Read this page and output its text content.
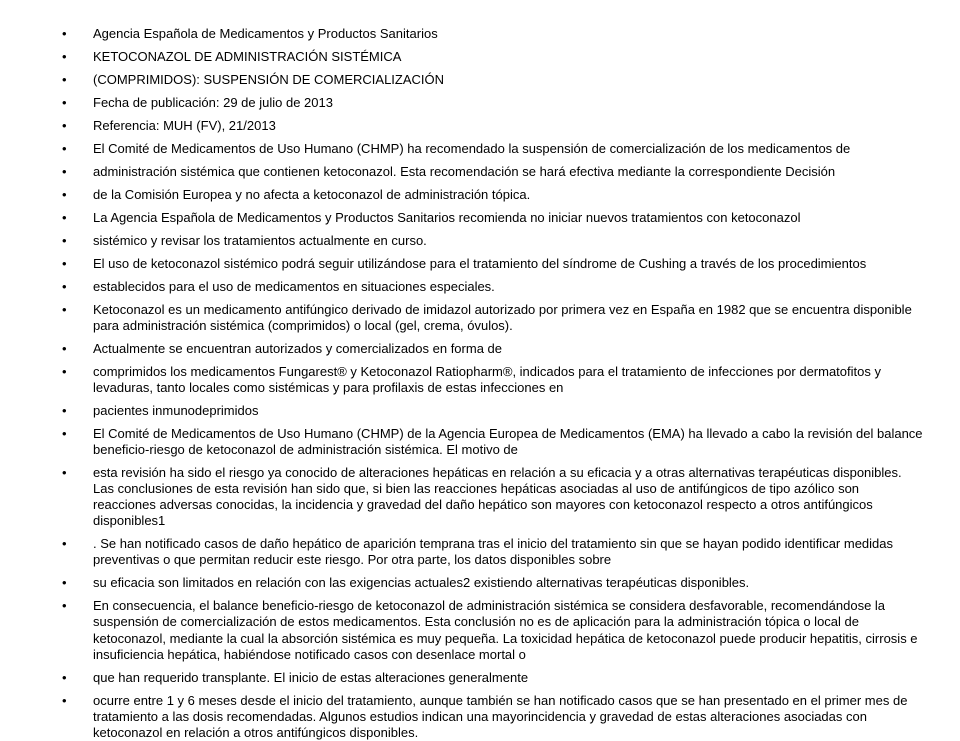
•	Agencia Española de Medicamentos y Productos Sanitarios
•	KETOCONAZOL DE ADMINISTRACIÓN SISTÉMICA
•	(COMPRIMIDOS): SUSPENSIÓN DE COMERCIALIZACIÓN
•	Fecha de publicación: 29 de julio de 2013
•	Referencia: MUH (FV), 21/2013
•	El Comité de Medicamentos de Uso Humano (CHMP) ha recomendado la suspensión de comercialización de los medicamentos de
•	administración sistémica que contienen ketoconazol. Esta recomendación se hará efectiva mediante la correspondiente Decisión
•	de la Comisión Europea y no afecta a ketoconazol de administración tópica.
•	La Agencia Española de Medicamentos y Productos Sanitarios recomienda no iniciar nuevos tratamientos con ketoconazol
•	sistémico y revisar los tratamientos actualmente en curso.
•	El uso de ketoconazol sistémico podrá seguir utilizándose para el tratamiento del síndrome de Cushing a través de los procedimientos
•	establecidos para el uso de medicamentos en situaciones especiales.
•	Ketoconazol es un medicamento antifúngico derivado de imidazol autorizado por primera vez en España en 1982 que se encuentra disponible para administración sistémica (comprimidos) o local (gel, crema, óvulos).
•	Actualmente se encuentran autorizados y comercializados en forma de
•	comprimidos los medicamentos Fungarest® y Ketoconazol Ratiopharm®, indicados para el tratamiento de infecciones por dermatofitos y levaduras, tanto locales como sistémicas y para profilaxis de estas infecciones en
•	pacientes inmunodeprimidos
•	El Comité de Medicamentos de Uso Humano (CHMP) de la Agencia Europea de Medicamentos (EMA) ha llevado a cabo la revisión del balance beneficio-riesgo de ketoconazol de administración sistémica. El motivo de
•	esta revisión ha sido el riesgo ya conocido de alteraciones hepáticas en relación a su eficacia y a otras alternativas terapéuticas disponibles. Las conclusiones de esta revisión han sido que, si bien las reacciones hepáticas asociadas al uso de antifúngicos de tipo azólico son reacciones adversas conocidas, la incidencia y gravedad del daño hepático son mayores con ketoconazol respecto a otros antifúngicos disponibles1
•	. Se han notificado casos de daño hepático de aparición temprana tras el inicio del tratamiento sin que se hayan podido identificar medidas preventivas o que permitan reducir este riesgo. Por otra parte, los datos disponibles sobre
•	su eficacia son limitados en relación con las exigencias actuales2 existiendo alternativas terapéuticas disponibles.
•	En consecuencia, el balance beneficio-riesgo de ketoconazol de administración sistémica se considera desfavorable, recomendándose la suspensión de comercialización de estos medicamentos. Esta conclusión no es de aplicación para la administración tópica o local de ketoconazol, mediante la cual la absorción sistémica es muy pequeña. La toxicidad hepática de ketoconazol puede producir hepatitis, cirrosis e insuficiencia hepática, habiéndose notificado casos con desenlace mortal o
•	que han requerido transplante. El inicio de estas alteraciones generalmente
•	ocurre entre 1 y 6 meses desde el inicio del tratamiento, aunque también se han notificado casos que se han presentado en el primer mes de tratamiento a las dosis recomendadas. Algunos estudios indican una mayorincidencia y gravedad de estas alteraciones asociadas con ketoconazol en relación a otros antifúngicos disponibles.
